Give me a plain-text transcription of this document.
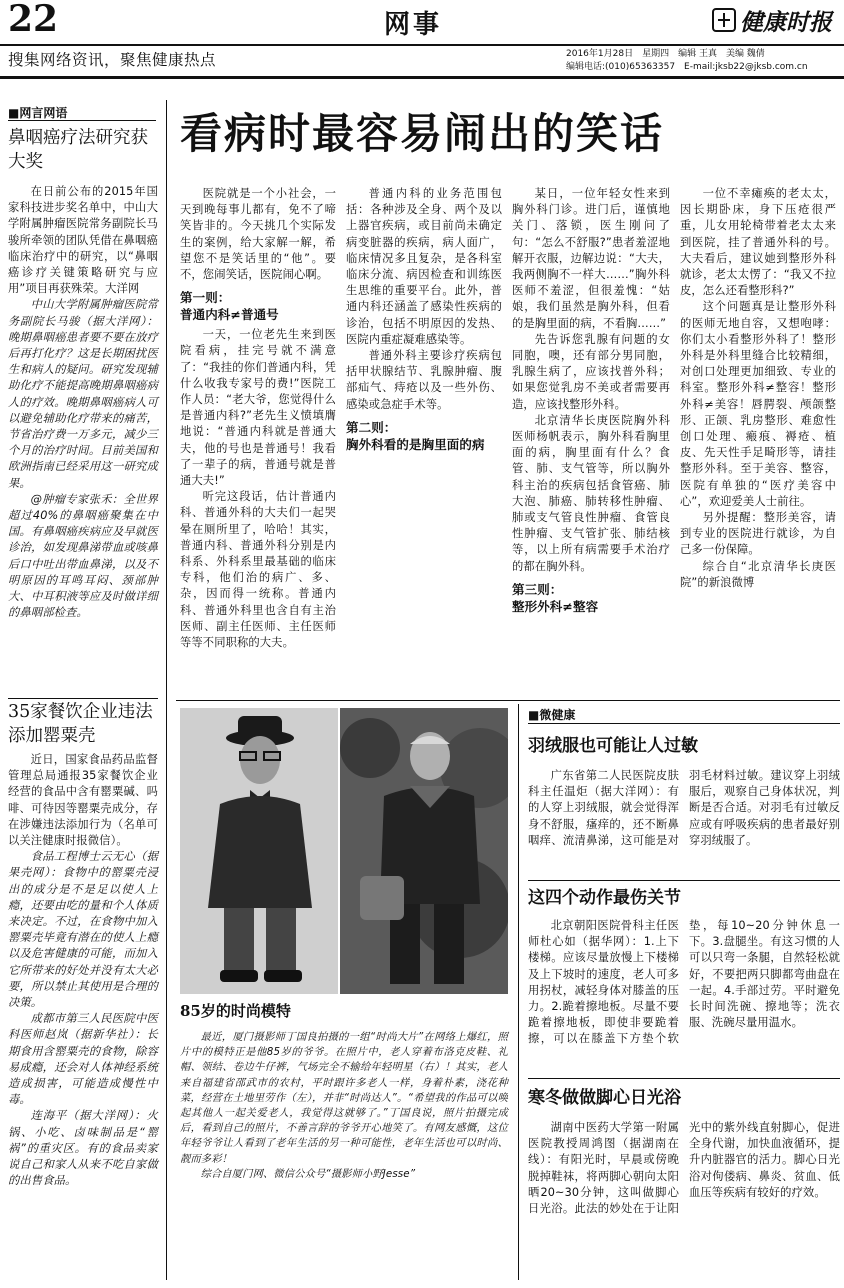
22	网事	健康时报
搜集网络资讯，聚焦健康热点	2016年1月28日　星期四　编辑 王真　美编 魏倩
编辑电话:(010)65363357　E-mail:jksb22@jksb.com.cn
■网言网语
鼻咽癌疗法研究获大奖

在日前公布的2015年国家科技进步奖名单中，中山大学附属肿瘤医院常务副院长马骏所牵领的团队凭借在鼻咽癌临床治疗中的研究，以“鼻咽癌诊疗关键策略研究与应用”项目再获殊荣。大洋网

中山大学附属肿瘤医院常务副院长马骏（据大洋网）：晚期鼻咽癌患者要不要在放疗后再打化疗？这是长期困扰医生和病人的疑问。研究发现辅助化疗不能提高晚期鼻咽癌病人的疗效。晚期鼻咽癌病人可以避免辅助化疗带来的痛苦，节省治疗费一万多元，减少三个月的治疗时间。目前美国和欧洲指南已经采用这一研究成果。

@肿瘤专家张禾：全世界超过40%的鼻咽癌聚集在中国。有鼻咽癌疾病应及早就医诊治，如发现鼻涕带血或咳鼻后口中吐出带血鼻涕，以及不明原因的耳鸣耳闷、颈部肿大、中耳积液等应及时做详细的鼻咽部检查。

35家餐饮企业违法添加罂粟壳

近日，国家食品药品监督管理总局通报35家餐饮企业经营的食品中含有罂粟碱、吗啡、可待因等罂粟壳成分，存在涉嫌违法添加行为（名单可以关注健康时报微信）。

食品工程博士云无心（据果壳网）：食物中的罂粟壳浸出的成分是不是足以使人上瘾，还要由吃的量和个人体质来决定。不过，在食物中加入罂粟壳毕竟有潜在的使人上瘾以及危害健康的可能，而加入它所带来的好处并没有太大必要，所以禁止其使用是合理的决策。

成都市第三人民医院中医科医师赵岚（据新华社）：长期食用含罂粟壳的食物，除容易成瘾，还会对人体神经系统造成损害，可能造成慢性中毒。

连海平（据大洋网）：火锅、小吃、卤味制品是“罂祸”的重灾区。有的食品卖家说自己和家人从来不吃自家做的出售食品。

看病时最容易闹出的笑话

医院就是一个小社会，一天到晚每事儿都有，免不了啼笑皆非的。今天挑几个实际发生的案例，给大家解一解，希望您不是笑话里的“他”。要不，您闹笑话，医院闹心啊。

第一则：
普通内科≠普通号

一天，一位老先生来到医院看病，挂完号就不满意了：“我挂的你们普通内科，凭什么收我专家号的费!”医院工作人员：“老大爷，您觉得什么是普通内科?”老先生义愤填膺地说：“普通内科就是普通大夫，他的号也是普通号！我看了一辈子的病，普通号就是普通大夫!”

听完这段话，估计普通内科、普通外科的大夫们一起哭晕在厕所里了，哈哈！其实，普通内科、普通外科分别是内科系、外科系里最基础的临床专科，他们治的病广、多、杂，因而得一统称。普通内科、普通外科里也含自有主治医师、副主任医师、主任医师等等不同职称的大夫。

普通内科的业务范围包括：各种涉及全身、两个及以上器官疾病，或目前尚未确定病变脏器的疾病，病人面广，临床情况多且复杂，是各科室临床分流、病因检查和训练医生思维的重要平台。此外，普通内科还涵盖了感染性疾病的诊治，包括不明原因的发热、医院内重症凝难感染等。

普通外科主要诊疗疾病包括甲状腺结节、乳腺肿瘤、腹部疝气、痔疮以及一些外伤、感染或急症手术等。

第二则：
胸外科看的是胸里面的病

某日，一位年轻女性来到胸外科门诊。进门后，谨慎地关门、落锁，医生刚问了句：“怎么不舒服?”患者羞涩地解开衣服，边解边说：“大夫，我两侧胸不一样大……”胸外科医师不羞涩，但很羞愧：“姑娘，我们虽然是胸外科，但看的是胸里面的病，不看胸……”

先告诉您乳腺有问题的女同胞，噢，还有部分男同胞，乳腺生病了，应该找普外科；如果您觉乳房不美或者需要再造，应该找整形外科。

北京清华长庚医院胸外科医师杨帆表示，胸外科看胸里面的病，胸里面有什么？食管、肺、支气管等，所以胸外科主治的疾病包括食管癌、肺大泡、肺癌、肺转移性肿瘤、肺或支气管良性肿瘤、食管良性肿瘤、支气管扩张、肺结核等，以上所有病需要手术治疗的都在胸外科。

第三则：
整形外科≠整容

一位不幸瘫痪的老太太，因长期卧床，身下压疮很严重，儿女用轮椅带着老太太来到医院，挂了普通外科的号。大夫看后，建议她到整形外科就诊，老太太愣了：“我又不拉皮，怎么还看整形科?”

这个问题真是让整形外科的医师无地自容，又想咆哮：你们太小看整形外科了！整形外科是外科里缝合比较精细，对创口处理更加细致、专业的科室。整形外科≠整容！整形外科≠美容！唇腭裂、颅颌整形、正颌、乳房整形、难愈性创口处理、瘢痕、褥疮、植皮、先天性手足畸形等，请挂整形外科。至于美容、整容，医院有单独的“医疗美容中心”，欢迎爱美人士前往。

另外提醒：整形美容，请到专业的医院进行就诊，为自己多一份保障。

综合自“北京清华长庚医院”的新浪微博

85岁的时尚模特

最近，厦门摄影师丁国良拍摄的一组“时尚大片”在网络上爆红，照片中的模特正是他85岁的爷爷。在照片中，老人穿着布洛克皮鞋、礼帽、领结、卷边牛仔裤，气场完全不输给年轻明星（右）！其实，老人来自福建省邵武市的农村，平时跟许多老人一样，身着朴素，浇花种菜，经营在土地里劳作（左），并非“时尚达人”。“希望我的作品可以唤起其他人一起关爱老人，我觉得这就够了。”丁国良说，照片拍摄完成后，看到自己的照片，不善言辞的爷爷开心地笑了。有网友感慨，这位年轻爷爷让人看到了老年生活的另一种可能性，老年生活也可以时尚、靓而多彩！

综合自厦门网、微信公众号“摄影师小野Jesse”

■微健康
羽绒服也可能让人过敏

广东省第二人民医院皮肤科主任温炬（据大洋网）：有的人穿上羽绒服，就会觉得浑身不舒服，瘙痒的，还不断鼻咽痒、流清鼻涕，这可能是对羽毛材料过敏。建议穿上羽绒服后，观察自己身体状况，判断是否合适。对羽毛有过敏反应或有呼吸疾病的患者最好别穿羽绒服了。

这四个动作最伤关节

北京朝阳医院骨科主任医师杜心如（据华网）：1.上下楼梯。应该尽量放慢上下楼梯及上下坡时的速度，老人可多用拐杖，减轻身体对膝盖的压力。2.跪着擦地板。尽量不要跪着擦地板，即使非要跪着擦，可以在膝盖下方垫个软垫，每10~20分钟休息一下。3.盘腿坐。有这习惯的人可以只弯一条腿，自然轻松就好，不要把两只脚都弯曲盘在一起。4.手部过劳。平时避免长时间洗碗、擦地等；洗衣服、洗碗尽量用温水。

寒冬做做脚心日光浴

湖南中医药大学第一附属医院教授周鸿图（据湖南在线）：有阳光时，早晨或傍晚脱掉鞋袜，将两脚心朝向太阳晒20~30分钟，这叫做脚心日光浴。此法的妙处在于让阳光中的紫外线直射脚心，促进全身代谢，加快血液循环，提升内脏器官的活力。脚心日光浴对佝偻病、鼻炎、贫血、低血压等疾病有较好的疗效。
